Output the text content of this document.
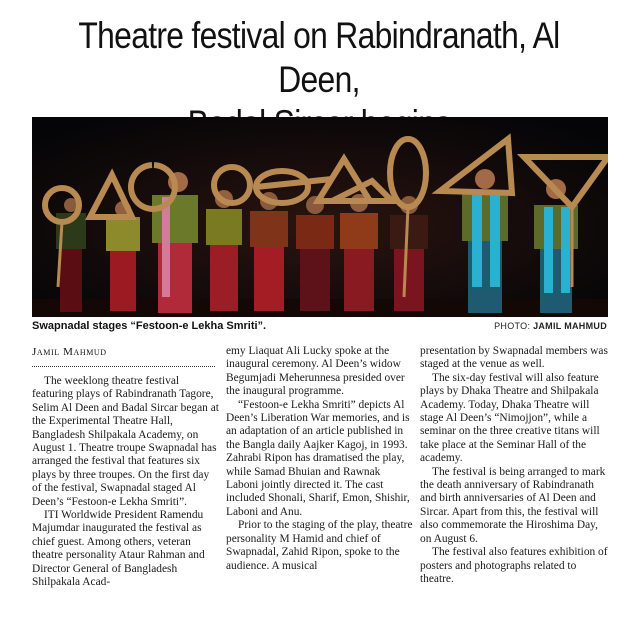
Theatre festival on Rabindranath, Al Deen,

Swapnadal stages “Festoon-e Lekha Smriti”.	PHOTO: JAMIL MAHMUD
Jamil Mahmud

The weeklong theatre festival featuring plays of Rabindranath Tagore, Selim Al Deen and Badal Sircar began at the Experimental Theatre Hall, Bangladesh Shilpakala Academy, on August 1. Theatre troupe Swapnadal has arranged the festival that features six plays by three troupes. On the first day of the festival, Swapnadal staged Al Deen’s “Festoon-e Lekha Smriti”.

ITI Worldwide President Ramendu Majumdar inaugurated the festival as chief guest. Among others, veteran theatre personality Ataur Rahman and Director General of Bangladesh Shilpakala Acad-

emy Liaquat Ali Lucky spoke at the inaugural ceremony. Al Deen’s widow Begumjadi Meherunnesa presided over the inaugural programme.

“Festoon-e Lekha Smriti” depicts Al Deen’s Liberation War memories, and is an adaptation of an article published in the Bangla daily Aajker Kagoj, in 1993. Zahrabi Ripon has dramatised the play, while Samad Bhuian and Rawnak Laboni jointly directed it. The cast included Shonali, Sharif, Emon, Shishir, Laboni and Anu.

Prior to the staging of the play, theatre personality M Hamid and chief of Swapnadal, Zahid Ripon, spoke to the audience. A musical

presentation by Swapnadal members was staged at the venue as well.

The six-day festival will also feature plays by Dhaka Theatre and Shilpakala Academy. Today, Dhaka Theatre will stage Al Deen’s “Nimojjon”, while a seminar on the three creative titans will take place at the Seminar Hall of the academy.

The festival is being arranged to mark the death anniversary of Rabindranath and birth anniversaries of Al Deen and Sircar. Apart from this, the festival will also commemorate the Hiroshima Day, on August 6.

The festival also features exhibition of posters and photographs related to theatre.
